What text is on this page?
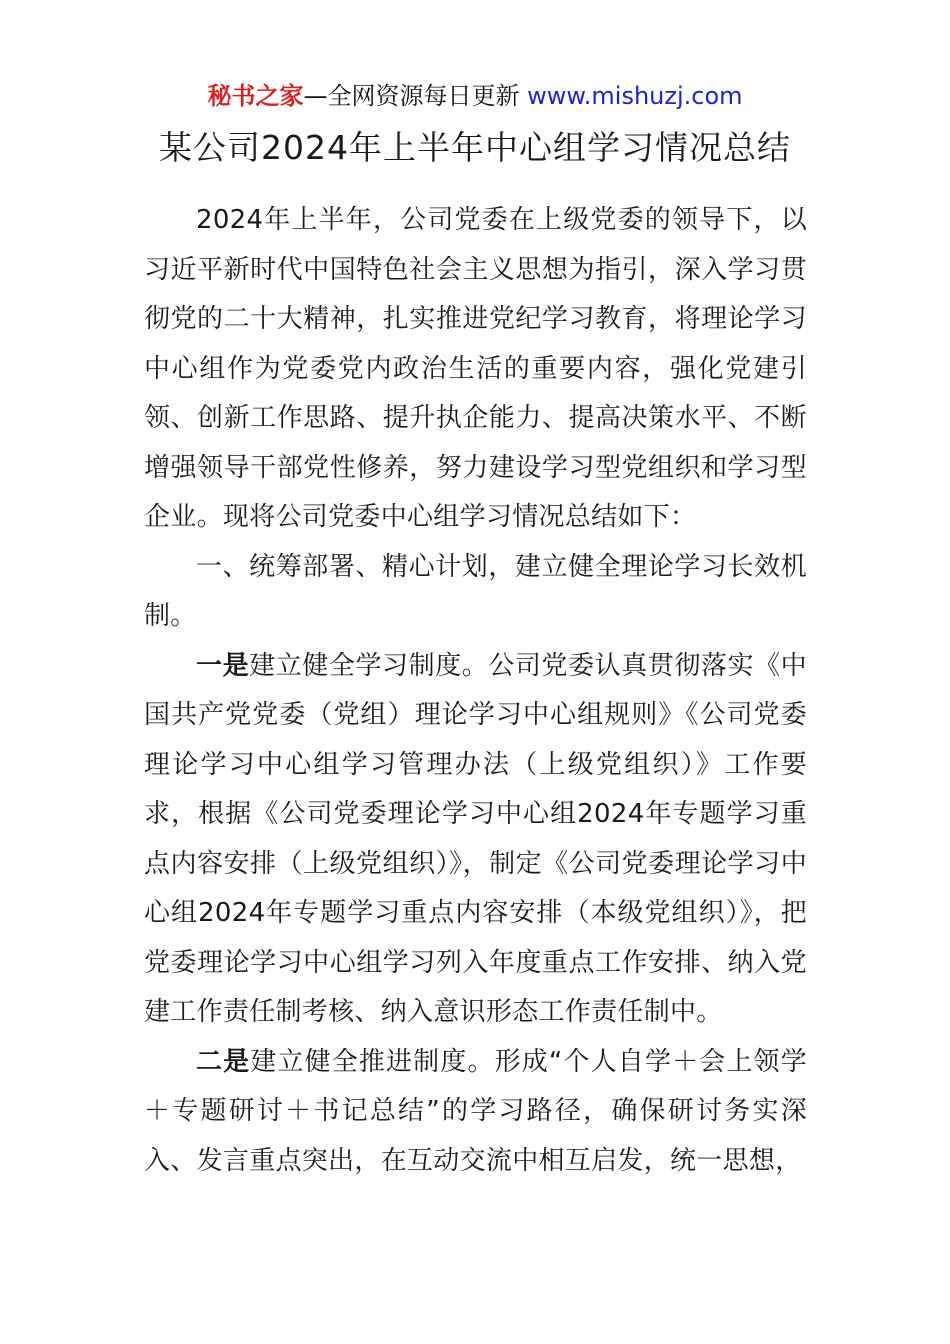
秘书之家—全网资源每日更新 www.mishuzj.com
某公司2024年上半年中心组学习情况总结

2024年上半年，公司党委在上级党委的领导下，以习近平新时代中国特色社会主义思想为指引，深入学习贯彻党的二十大精神，扎实推进党纪学习教育，将理论学习中心组作为党委党内政治生活的重要内容，强化党建引领、创新工作思路、提升执企能力、提高决策水平、不断增强领导干部党性修养，努力建设学习型党组织和学习型企业。现将公司党委中心组学习情况总结如下：

一、统筹部署、精心计划，建立健全理论学习长效机制。

一是建立健全学习制度。公司党委认真贯彻落实《中国共产党党委（党组）理论学习中心组规则》《公司党委理论学习中心组学习管理办法（上级党组织）》工作要求，根据《公司党委理论学习中心组2024年专题学习重点内容安排（上级党组织）》，制定《公司党委理论学习中心组2024年专题学习重点内容安排（本级党组织）》，把党委理论学习中心组学习列入年度重点工作安排、纳入党建工作责任制考核、纳入意识形态工作责任制中。

二是建立健全推进制度。形成“个人自学＋会上领学＋专题研讨＋书记总结”的学习路径，确保研讨务实深入、发言重点突出，在互动交流中相互启发，统一思想，
